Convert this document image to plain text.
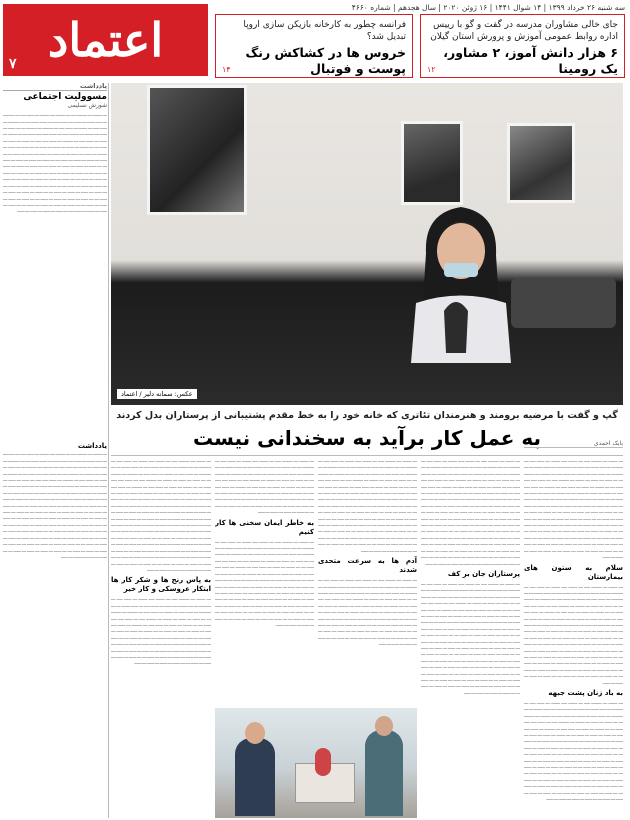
اعتماد
۷
سه شنبه ۲۶ خرداد ۱۳۹۹ | ۱۴ شوال ۱۴۴۱ | ۱۶ ژوئن ۲۰۲۰ | سال هجدهم | شماره ۴۶۶۰
فرانسه چطور به کارخانه بازیکن سازی اروپا تبدیل شد؟
خروس ها در کشاکش رنگ پوست و فوتبال
۱۴
جای خالی مشاوران مدرسه در گفت و گو با رییس اداره روابط عمومی آموزش و پرورش استان گیلان
۶ هزار دانش آموز، ۲ مشاور، یک رومینا
۱۲
یادداشت
مسوولیت اجتماعی
شورش نسلیمی
ـــ ــــــ ـــ ـــــــ ــــ ـــ ــــــ ــــ ــــــ ـــ ـــــ ــــ ـــ ــــــــ ـــ ــــ ــــــ ـــ ـــــ ـــ ــــــ ــــ ـــ ـــــ ــــــ ـــ ـــ ــــــــ ـــ ـــــ ــــ ـــ ــــــ ـــ ـــــ ــــ ـــ ـــــــ ـــ ـــــــ ـــ ـــ ـــــ ـــ ـــــ ـــ ــــــ ـــ ـــــــ ــــ ـــ ـــــ ــــ ــــ ـــــ ـــ ـــ ــــــ ـــ ـــــ ـــ ـــــ ــــ ـــ ـــــــ ـــ ـــــ ــــ ــــ ـــ ـــــ ـــ ـــــ ـــ ـــــ ـــ ـــ ــــــ ـــ ـــــ ـــ ـــــ ـــ ـــــ ـــ ـــ ـــــ ـــ ـــــ ـــ ـــــــ ـــ ـــــ ـــ ـــــ ـــ ـــ ـــــ ـــ ـــــ ـــ ـــــ ـــ ـــــ ـــ ـــ ـــــ ـــ ـــــ ـــ ـــــ ـــ ـــــ ـــ ـــ ـــــ ـــ ـــــ ـــ ـــــ ـــ ـــــ ـــ ـــ ـــــ ـــ ـــــ ـــ ـــــ ـــ ـــــ ـــ ـــ ـــــ ـــ ـــــ ـــ ـــــ ـــ ـــــ ـــ ـــ ـــــ ـــ ـــــ ـــ ـــــ ـــ ـــــ ـــ ـــ ـــــ ـــ ـــــ ـــ ـــــ ـــ ـــــ ـــ ـــ ـــــ ـــ ـــــ ـــ ـــــ ـــ ـــــ ـــ ـــ ـــــ ـــ ـــــ ـــ ـــــ ـــ ـــــ ـــ ـــ ـــــ ـــ ـــــ ـــ ـــــ ـــ ـــــ ـــ ـــ ـــــ ـــ ـــــ ـــ ـــــ ـــ ـــــ ـــ ـــ ـــــ ـــ ـــــ ـــ ـــــ ـــ ـــــ ـــ ـــ ـــــ ـــ ـــــ ـــ ـــــ ـــ ـــــ ـــ ـــ ـــــ ـــ ـــــ ـــ ـــــ ـــ ـــــ ـــ ـــ ـــــ ـــ ـــــ ـــ ـــــ ـــ ـــــ ـــ ـــ ـــــ ـــ ـــــ ـــ ـــــ ـــ ـــــ ـــ ـــ ـــــ ـــ ـــــ ـــ ـــــ ـــ ـــــ
یادداشت
ـــ ــــــ ـــ ـــــــ ــــ ـــ ــــــ ــــ ــــــ ـــ ـــــ ــــ ـــ ــــــــ ـــ ــــ ــــــ ـــ ـــــ ـــ ــــــ ــــ ـــ ـــــ ــــــ ـــ ـــ ــــــــ ـــ ـــــ ــــ ـــ ــــــ ـــ ـــــ ــــ ـــ ـــــــ ـــ ـــــــ ـــ ـــ ـــــ ـــ ـــــ ـــ ــــــ ـــ ـــــــ ــــ ـــ ـــــ ــــ ــــ ـــــ ـــ ـــ ــــــ ـــ ـــــ ـــ ـــــ ــــ ـــ ـــــــ ـــ ـــــ ــــ ــــ ـــ ـــــ ـــ ـــــ ـــ ـــــ ـــ ـــ ــــــ ـــ ـــــ ـــ ـــــ ـــ ـــــ ـــ ـــ ـــــ ـــ ـــــ ـــ ـــــــ ـــ ـــــ ـــ ـــــ ـــ ـــ ـــــ ـــ ـــــ ـــ ـــــ ـــ ـــــ ـــ ـــ ـــــ ـــ ـــــ ـــ ـــــ ـــ ـــــ ـــ ـــ ـــــ ـــ ـــــ ـــ ـــــ ـــ ـــــ ـــ ـــ ـــــ ـــ ـــــ ـــ ـــــ ـــ ـــــ ـــ ـــ ـــــ ـــ ـــــ ـــ ـــــ ـــ ـــــ ـــ ـــ ـــــ ـــ ـــــ ـــ ـــــ ـــ ـــــ ـــ ـــ ـــــ ـــ ـــــ ـــ ـــــ ـــ ـــــ ـــ ـــ ـــــ ـــ ـــــ ـــ ـــــ ـــ ـــــ ـــ ـــ ـــــ ـــ ـــــ ـــ ـــــ ـــ ـــــ ـــ ـــ ـــــ ـــ ـــــ ـــ ـــــ ـــ ـــــ ـــ ـــ ـــــ ـــ ـــــ ـــ ـــــ ـــ ـــــ ـــ ـــ ـــــ ـــ ـــــ ـــ ـــــ ـــ ـــــ ـــ ـــ ـــــ ـــ ـــــ ـــ ـــــ ـــ ـــــ ـــ ـــ ـــــ ـــ ـــــ ـــ ـــــ ـــ ـــــ ـــ ـــ ـــــ ـــ ـــــ ـــ ـــــ ـــ ـــــ ـــ ـــ ـــــ ـــ ـــــ ـــ ـــــ ـــ ـــــ ـــ ـــ ـــــ ـــ ـــــ ـــ ـــــ ـــ ـــــ ـــ ـــ ـــــ ـــ ـــــ ـــ ـــــ ـــ ـــــ
عکس: سمانه دلیر / اعتماد
گپ و گفت با مرضیه برومند و هنرمندان تئاتری که خانه خود را به خط مقدم پشتیبانی از پرستاران بدل کردند
به عمل کار برآید به سخندانی نیست	بابک احمدی
ـــ ــــــ ـــ ـــــــ ــــ ـــ ــــــ ــــ ــــــ ـــ ـــــ ــــ ـــ ــــــــ ـــ ــــ ــــــ ـــ ـــــ ـــ ــــــ ــــ ـــ ـــــ ــــــ ـــ ـــ ــــــــ ـــ ـــــ ــــ ـــ ــــــ ـــ ـــــ ــــ ـــ ـــــــ ـــ ـــــــ ـــ ـــ ـــــ ـــ ـــــ ـــ ــــــ ـــ ـــــــ ــــ ـــ ـــــ ــــ ــــ ـــــ ـــ ـــ ــــــ ـــ ـــــ ـــ ـــــ ــــ ـــ ـــــــ ـــ ـــــ ــــ ــــ ـــ ـــــ ـــ ـــــ ـــ ـــــ ـــ ـــ ــــــ ـــ ـــــ ـــ ـــــ ـــ ـــــ ـــ ـــ ـــــ ـــ ـــــ ـــ ـــــــ ـــ ـــــ ـــ ـــــ ـــ ـــ ـــــ ـــ ـــــ ـــ ـــــ ـــ ـــــ ـــ ـــ ـــــ ـــ ـــــ ـــ ـــــ ـــ ـــــ ـــ ـــ ـــــ ـــ ـــــ ـــ ـــــ ـــ ـــــ ـــ ـــ ـــــ ـــ ـــــ ـــ ـــــ ـــ ـــــ ـــ ـــ ـــــ ـــ ـــــ ـــ ـــــ ـــ ـــــ ـــ ـــ ـــــ ـــ ـــــ ـــ ـــــ ـــ ـــــ ـــ ـــ ـــــ ـــ ـــــ ـــ ـــــ ـــ ـــــ ـــ ـــ ـــــ ـــ ـــــ ـــ ـــــ ـــ ـــــ ـــ ـــ ـــــ ـــ ـــــ ـــ ـــــ ـــ ـــــ ـــ ـــ ـــــ ـــ ـــــ ـــ ـــــ ـــ ـــــ ـــ ـــ ـــــ ـــ ـــــ ـــ ـــــ ـــ ـــــ ـــ ـــ ـــــ ـــ ـــــ ـــ ـــــ ـــ ـــــ ـــ ـــ ـــــ ـــ ـــــ ـــ ـــــ ـــ ـــــ ـــ ـــ ـــــ ـــ ـــــ ـــ ـــــ ـــ ـــــ
سلام به ستون های بیمارستان
ـــ ــــــ ـــ ـــــــ ــــ ـــ ــــــ ــــ ــــــ ـــ ـــــ ــــ ـــ ــــــــ ـــ ــــ ــــــ ـــ ـــــ ـــ ــــــ ــــ ـــ ـــــ ــــــ ـــ ـــ ــــــــ ـــ ـــــ ــــ ـــ ــــــ ـــ ـــــ ــــ ـــ ـــــــ ـــ ـــــــ ـــ ـــ ـــــ ـــ ـــــ ـــ ــــــ ـــ ـــــــ ــــ ـــ ـــــ ــــ ــــ ـــــ ـــ ـــ ــــــ ـــ ـــــ ـــ ـــــ ــــ ـــ ـــــــ ـــ ـــــ ــــ ــــ ـــ ـــــ ـــ ـــــ ـــ ـــــ ـــ ـــ ــــــ ـــ ـــــ ـــ ـــــ ـــ ـــــ ـــ ـــ ـــــ ـــ ـــــ ـــ ـــــــ ـــ ـــــ ـــ ـــــ ـــ ـــ ـــــ ـــ ـــــ ـــ ـــــ ـــ ـــــ ـــ ـــ ـــــ ـــ ـــــ ـــ ـــــ ـــ ـــــ ـــ ـــ ـــــ ـــ ـــــ ـــ ـــــ ـــ ـــــ ـــ ـــ ـــــ ـــ ـــــ ـــ ـــــ ـــ ـــــ ـــ ـــ ـــــ ـــ ـــــ ـــ ـــــ ـــ ـــــ ـــ ـــ ـــــ ـــ ـــــ ـــ ـــــ ـــ ـــــ ـــ ـــ ـــــ ـــ ـــــ ـــ ـــــ ـــ ـــــ ـــ ـــ ـــــ ـــ ـــــ ـــ ـــــ ـــ ـــــ ـــ ـــ ـــــ ـــ ـــــ ـــ ـــــ ـــ ـــــ ـــ ـــ ـــــ ـــ ـــــ ـــ ـــــ ـــ ـــــ ـــ ـــ ـــــ ـــ ـــــ ـــ ـــــ ـــ ـــــ ـــ ـــ ـــــ ـــ ـــــ ـــ ـــــ ـــ ـــــ ـــ ـــ ـــــ ـــ ـــــ ـــ ـــــ ـــ ـــــ ـــ ـــ ـــــ ـــ ـــــ ـــ ـــــ ـــ ـــــ
به باد زنان پشت جبهه
ـــ ــــــ ـــ ـــــــ ــــ ـــ ــــــ ــــ ــــــ ـــ ـــــ ــــ ـــ ــــــــ ـــ ــــ ــــــ ـــ ـــــ ـــ ــــــ ــــ ـــ ـــــ ــــــ ـــ ـــ ــــــــ ـــ ـــــ ــــ ـــ ــــــ ـــ ـــــ ــــ ـــ ـــــــ ـــ ـــــــ ـــ ـــ ـــــ ـــ ـــــ ـــ ــــــ ـــ ـــــــ ــــ ـــ ـــــ ــــ ــــ ـــــ ـــ ـــ ــــــ ـــ ـــــ ـــ ـــــ ــــ ـــ ـــــــ ـــ ـــــ ــــ ــــ ـــ ـــــ ـــ ـــــ ـــ ـــــ ـــ ـــ ــــــ ـــ ـــــ ـــ ـــــ ـــ ـــــ ـــ ـــ ـــــ ـــ ـــــ ـــ ـــــــ ـــ ـــــ ـــ ـــــ ـــ ـــ ـــــ ـــ ـــــ ـــ ـــــ ـــ ـــــ ـــ ـــ ـــــ ـــ ـــــ ـــ ـــــ ـــ ـــــ ـــ ـــ ـــــ ـــ ـــــ ـــ ـــــ ـــ ـــــ ـــ ـــ ـــــ ـــ ـــــ ـــ ـــــ ـــ ـــــ ـــ ـــ ـــــ ـــ ـــــ ـــ ـــــ ـــ ـــــ ـــ ـــ ـــــ ـــ ـــــ ـــ ـــــ ـــ ـــــ ـــ ـــ ـــــ ـــ ـــــ ـــ ـــــ ـــ ـــــ ـــ ـــ ـــــ ـــ ـــــ ـــ ـــــ ـــ ـــــ ـــ ـــ ـــــ ـــ ـــــ ـــ ـــــ ـــ ـــــ ـــ ـــ ـــــ ـــ ـــــ ـــ ـــــ ـــ ـــــ ـــ ـــ ـــــ ـــ ـــــ ـــ ـــــ ـــ ـــــ ـــ ـــ ـــــ ـــ ـــــ ـــ ـــــ ـــ ـــــ ـــ ـــ ـــــ ـــ ـــــ ـــ ـــــ ـــ ـــــ ـــ ـــ ـــــ ـــ ـــــ ـــ ـــــ ـــ ـــــ ـــ ـــ ـــــ ـــ ـــــ ـــ ـــــ ـــ ـــــ
ـــ ــــــ ـــ ـــــــ ــــ ـــ ــــــ ــــ ــــــ ـــ ـــــ ــــ ـــ ــــــــ ـــ ــــ ــــــ ـــ ـــــ ـــ ــــــ ــــ ـــ ـــــ ــــــ ـــ ـــ ــــــــ ـــ ـــــ ــــ ـــ ــــــ ـــ ـــــ ــــ ـــ ـــــــ ـــ ـــــــ ـــ ـــ ـــــ ـــ ـــــ ـــ ــــــ ـــ ـــــــ ــــ ـــ ـــــ ــــ ــــ ـــــ ـــ ـــ ــــــ ـــ ـــــ ـــ ـــــ ــــ ـــ ـــــــ ـــ ـــــ ــــ ــــ ـــ ـــــ ـــ ـــــ ـــ ـــــ ـــ ـــ ــــــ ـــ ـــــ ـــ ـــــ ـــ ـــــ ـــ ـــ ـــــ ـــ ـــــ ـــ ـــــــ ـــ ـــــ ـــ ـــــ ـــ ـــ ـــــ ـــ ـــــ ـــ ـــــ ـــ ـــــ ـــ ـــ ـــــ ـــ ـــــ ـــ ـــــ ـــ ـــــ ـــ ـــ ـــــ ـــ ـــــ ـــ ـــــ ـــ ـــــ ـــ ـــ ـــــ ـــ ـــــ ـــ ـــــ ـــ ـــــ ـــ ـــ ـــــ ـــ ـــــ ـــ ـــــ ـــ ـــــ ـــ ـــ ـــــ ـــ ـــــ ـــ ـــــ ـــ ـــــ ـــ ـــ ـــــ ـــ ـــــ ـــ ـــــ ـــ ـــــ ـــ ـــ ـــــ ـــ ـــــ ـــ ـــــ ـــ ـــــ ـــ ـــ ـــــ ـــ ـــــ ـــ ـــــ ـــ ـــــ ـــ ـــ ـــــ ـــ ـــــ ـــ ـــــ ـــ ـــــ ـــ ـــ ـــــ ـــ ـــــ ـــ ـــــ ـــ ـــــ ـــ ـــ ـــــ ـــ ـــــ ـــ ـــــ ـــ ـــــ ـــ ـــ ـــــ ـــ ـــــ ـــ ـــــ ـــ ـــــ ـــ ـــ ـــــ ـــ ـــــ ـــ ـــــ ـــ ـــــ ـــ ـــ ـــــ ـــ ـــــ ـــ ـــــ ـــ ـــــ ـــ ـــ ـــــ ـــ ـــــ ـــ ـــــ ـــ ـــــ ـــ ـــ ـــــ ـــ ـــــ ـــ ـــــ ـــ ـــــ
پرستاران جان بر کف
ـــ ــــــ ـــ ـــــــ ــــ ـــ ــــــ ــــ ــــــ ـــ ـــــ ــــ ـــ ــــــــ ـــ ــــ ــــــ ـــ ـــــ ـــ ــــــ ــــ ـــ ـــــ ــــــ ـــ ـــ ــــــــ ـــ ـــــ ــــ ـــ ــــــ ـــ ـــــ ــــ ـــ ـــــــ ـــ ـــــــ ـــ ـــ ـــــ ـــ ـــــ ـــ ــــــ ـــ ـــــــ ــــ ـــ ـــــ ــــ ــــ ـــــ ـــ ـــ ــــــ ـــ ـــــ ـــ ـــــ ــــ ـــ ـــــــ ـــ ـــــ ــــ ــــ ـــ ـــــ ـــ ـــــ ـــ ـــــ ـــ ـــ ــــــ ـــ ـــــ ـــ ـــــ ـــ ـــــ ـــ ـــ ـــــ ـــ ـــــ ـــ ـــــــ ـــ ـــــ ـــ ـــــ ـــ ـــ ـــــ ـــ ـــــ ـــ ـــــ ـــ ـــــ ـــ ـــ ـــــ ـــ ـــــ ـــ ـــــ ـــ ـــــ ـــ ـــ ـــــ ـــ ـــــ ـــ ـــــ ـــ ـــــ ـــ ـــ ـــــ ـــ ـــــ ـــ ـــــ ـــ ـــــ ـــ ـــ ـــــ ـــ ـــــ ـــ ـــــ ـــ ـــــ ـــ ـــ ـــــ ـــ ـــــ ـــ ـــــ ـــ ـــــ ـــ ـــ ـــــ ـــ ـــــ ـــ ـــــ ـــ ـــــ ـــ ـــ ـــــ ـــ ـــــ ـــ ـــــ ـــ ـــــ ـــ ـــ ـــــ ـــ ـــــ ـــ ـــــ ـــ ـــــ ـــ ـــ ـــــ ـــ ـــــ ـــ ـــــ ـــ ـــــ ـــ ـــ ـــــ ـــ ـــــ ـــ ـــــ ـــ ـــــ ـــ ـــ ـــــ ـــ ـــــ ـــ ـــــ ـــ ـــــ ـــ ـــ ـــــ ـــ ـــــ ـــ ـــــ ـــ ـــــ ـــ ـــ ـــــ ـــ ـــــ ـــ ـــــ ـــ ـــــ ـــ ـــ ـــــ ـــ ـــــ ـــ ـــــ ـــ ـــــ ـــ ـــ ـــــ ـــ ـــــ ـــ ـــــ ـــ ـــــ ـــ ـــ ـــــ ـــ ـــــ ـــ ـــــ ـــ ـــــ ـــ ـــ ـــــ ـــ ـــــ ـــ ـــــ ـــ ـــــ
ـــ ــــــ ـــ ـــــــ ــــ ـــ ــــــ ــــ ــــــ ـــ ـــــ ــــ ـــ ــــــــ ـــ ــــ ــــــ ـــ ـــــ ـــ ــــــ ــــ ـــ ـــــ ــــــ ـــ ـــ ــــــــ ـــ ـــــ ــــ ـــ ــــــ ـــ ـــــ ــــ ـــ ـــــــ ـــ ـــــــ ـــ ـــ ـــــ ـــ ـــــ ـــ ــــــ ـــ ـــــــ ــــ ـــ ـــــ ــــ ــــ ـــــ ـــ ـــ ــــــ ـــ ـــــ ـــ ـــــ ــــ ـــ ـــــــ ـــ ـــــ ــــ ــــ ـــ ـــــ ـــ ـــــ ـــ ـــــ ـــ ـــ ــــــ ـــ ـــــ ـــ ـــــ ـــ ـــــ ـــ ـــ ـــــ ـــ ـــــ ـــ ـــــــ ـــ ـــــ ـــ ـــــ ـــ ـــ ـــــ ـــ ـــــ ـــ ـــــ ـــ ـــــ ـــ ـــ ـــــ ـــ ـــــ ـــ ـــــ ـــ ـــــ ـــ ـــ ـــــ ـــ ـــــ ـــ ـــــ ـــ ـــــ ـــ ـــ ـــــ ـــ ـــــ ـــ ـــــ ـــ ـــــ ـــ ـــ ـــــ ـــ ـــــ ـــ ـــــ ـــ ـــــ ـــ ـــ ـــــ ـــ ـــــ ـــ ـــــ ـــ ـــــ ـــ ـــ ـــــ ـــ ـــــ ـــ ـــــ ـــ ـــــ ـــ ـــ ـــــ ـــ ـــــ ـــ ـــــ ـــ ـــــ ـــ ـــ ـــــ ـــ ـــــ ـــ ـــــ ـــ ـــــ ـــ ـــ ـــــ ـــ ـــــ ـــ ـــــ ـــ ـــــ ـــ ـــ ـــــ ـــ ـــــ ـــ ـــــ ـــ ـــــ ـــ ـــ ـــــ ـــ ـــــ ـــ ـــــ ـــ ـــــ ـــ ـــ ـــــ ـــ ـــــ ـــ ـــــ ـــ ـــــ
آدم ها به سرعت متحدی شدند
ـــ ــــــ ـــ ـــــــ ــــ ـــ ــــــ ــــ ــــــ ـــ ـــــ ــــ ـــ ــــــــ ـــ ــــ ــــــ ـــ ـــــ ـــ ــــــ ــــ ـــ ـــــ ــــــ ـــ ـــ ــــــــ ـــ ـــــ ــــ ـــ ــــــ ـــ ـــــ ــــ ـــ ـــــــ ـــ ـــــــ ـــ ـــ ـــــ ـــ ـــــ ـــ ــــــ ـــ ـــــــ ــــ ـــ ـــــ ــــ ــــ ـــــ ـــ ـــ ــــــ ـــ ـــــ ـــ ـــــ ــــ ـــ ـــــــ ـــ ـــــ ــــ ــــ ـــ ـــــ ـــ ـــــ ـــ ـــــ ـــ ـــ ــــــ ـــ ـــــ ـــ ـــــ ـــ ـــــ ـــ ـــ ـــــ ـــ ـــــ ـــ ـــــــ ـــ ـــــ ـــ ـــــ ـــ ـــ ـــــ ـــ ـــــ ـــ ـــــ ـــ ـــــ ـــ ـــ ـــــ ـــ ـــــ ـــ ـــــ ـــ ـــــ ـــ ـــ ـــــ ـــ ـــــ ـــ ـــــ ـــ ـــــ ـــ ـــ ـــــ ـــ ـــــ ـــ ـــــ ـــ ـــــ ـــ ـــ ـــــ ـــ ـــــ ـــ ـــــ ـــ ـــــ ـــ ـــ ـــــ ـــ ـــــ ـــ ـــــ ـــ ـــــ
ـــ ــــــ ـــ ـــــــ ــــ ـــ ــــــ ــــ ــــــ ـــ ـــــ ــــ ـــ ــــــــ ـــ ــــ ــــــ ـــ ـــــ ـــ ــــــ ــــ ـــ ـــــ ــــــ ـــ ـــ ــــــــ ـــ ـــــ ــــ ـــ ــــــ ـــ ـــــ ــــ ـــ ـــــــ ـــ ـــــــ ـــ ـــ ـــــ ـــ ـــــ ـــ ــــــ ـــ ـــــــ ــــ ـــ ـــــ ــــ ــــ ـــــ ـــ ـــ ــــــ ـــ ـــــ ـــ ـــــ ــــ ـــ ـــــــ ـــ ـــــ ــــ ــــ ـــ ـــــ ـــ ـــــ ـــ ـــــ ـــ ـــ ــــــ ـــ ـــــ ـــ ـــــ ـــ ـــــ ـــ ـــ ـــــ ـــ ـــــ ـــ ـــــــ ـــ ـــــ ـــ ـــــ ـــ ـــ ـــــ ـــ ـــــ ـــ ـــــ ـــ ـــــ ـــ ـــ ـــــ ـــ ـــــ ـــ ـــــ ـــ ـــــ ـــ ـــ ـــــ ـــ ـــــ ـــ ـــــ ـــ ـــــ
به خاطر ایمان سخنی ها کار کنیم
ـــ ــــــ ـــ ـــــــ ــــ ـــ ــــــ ــــ ــــــ ـــ ـــــ ــــ ـــ ــــــــ ـــ ــــ ــــــ ـــ ـــــ ـــ ــــــ ــــ ـــ ـــــ ــــــ ـــ ـــ ــــــــ ـــ ـــــ ــــ ـــ ــــــ ـــ ـــــ ــــ ـــ ـــــــ ـــ ـــــــ ـــ ـــ ـــــ ـــ ـــــ ـــ ــــــ ـــ ـــــــ ــــ ـــ ـــــ ــــ ــــ ـــــ ـــ ـــ ــــــ ـــ ـــــ ـــ ـــــ ــــ ـــ ـــــــ ـــ ـــــ ــــ ــــ ـــ ـــــ ـــ ـــــ ـــ ـــــ ـــ ـــ ــــــ ـــ ـــــ ـــ ـــــ ـــ ـــــ ـــ ـــ ـــــ ـــ ـــــ ـــ ـــــــ ـــ ـــــ ـــ ـــــ ـــ ـــ ـــــ ـــ ـــــ ـــ ـــــ ـــ ـــــ ـــ ـــ ـــــ ـــ ـــــ ـــ ـــــ ـــ ـــــ ـــ ـــ ـــــ ـــ ـــــ ـــ ـــــ ـــ ـــــ ـــ ـــ ـــــ ـــ ـــــ ـــ ـــــ ـــ ـــــ ـــ ـــ ـــــ ـــ ـــــ ـــ ـــــ ـــ ـــــ ـــ ـــ ـــــ ـــ ـــــ ـــ ـــــ ـــ ـــــ ـــ ـــ ـــــ ـــ ـــــ ـــ ـــــ ـــ ـــــ ـــ ـــ ـــــ ـــ ـــــ ـــ ـــــ ـــ ـــــ ـــ ـــ ـــــ ـــ ـــــ ـــ ـــــ ـــ ـــــ ـــ ـــ ـــــ ـــ ـــــ ـــ ـــــ ـــ ـــــ ـــ ـــ ـــــ ـــ ـــــ ـــ ـــــ ـــ ـــــ
ـــ ــــــ ـــ ـــــــ ــــ ـــ ــــــ ــــ ــــــ ـــ ـــــ ــــ ـــ ــــــــ ـــ ــــ ــــــ ـــ ـــــ ـــ ــــــ ــــ ـــ ـــــ ــــــ ـــ ـــ ــــــــ ـــ ـــــ ــــ ـــ ــــــ ـــ ـــــ ــــ ـــ ـــــــ ـــ ـــــــ ـــ ـــ ـــــ ـــ ـــــ ـــ ــــــ ـــ ـــــــ ــــ ـــ ـــــ ــــ ــــ ـــــ ـــ ـــ ــــــ ـــ ـــــ ـــ ـــــ ــــ ـــ ـــــــ ـــ ـــــ ــــ ــــ ـــ ـــــ ـــ ـــــ ـــ ـــــ ـــ ـــ ــــــ ـــ ـــــ ـــ ـــــ ـــ ـــــ ـــ ـــ ـــــ ـــ ـــــ ـــ ـــــــ ـــ ـــــ ـــ ـــــ ـــ ـــ ـــــ ـــ ـــــ ـــ ـــــ ـــ ـــــ ـــ ـــ ـــــ ـــ ـــــ ـــ ـــــ ـــ ـــــ ـــ ـــ ـــــ ـــ ـــــ ـــ ـــــ ـــ ـــــ ـــ ـــ ـــــ ـــ ـــــ ـــ ـــــ ـــ ـــــ ـــ ـــ ـــــ ـــ ـــــ ـــ ـــــ ـــ ـــــ ـــ ـــ ـــــ ـــ ـــــ ـــ ـــــ ـــ ـــــ ـــ ـــ ـــــ ـــ ـــــ ـــ ـــــ ـــ ـــــ ـــ ـــ ـــــ ـــ ـــــ ـــ ـــــ ـــ ـــــ ـــ ـــ ـــــ ـــ ـــــ ـــ ـــــ ـــ ـــــ ـــ ـــ ـــــ ـــ ـــــ ـــ ـــــ ـــ ـــــ ـــ ـــ ـــــ ـــ ـــــ ـــ ـــــ ـــ ـــــ ـــ ـــ ـــــ ـــ ـــــ ـــ ـــــ ـــ ـــــ ـــ ـــ ـــــ ـــ ـــــ ـــ ـــــ ـــ ـــــ ـــ ـــ ـــــ ـــ ـــــ ـــ ـــــ ـــ ـــــ ـــ ـــ ـــــ ـــ ـــــ ـــ ـــــ ـــ ـــــ ـــ ـــ ـــــ ـــ ـــــ ـــ ـــــ ـــ ـــــ ـــ ـــ ـــــ ـــ ـــــ ـــ ـــــ ـــ ـــــ ـــ ـــ ـــــ ـــ ـــــ ـــ ـــــ ـــ ـــــ ـــ ـــ ـــــ ـــ ـــــ ـــ ـــــ ـــ ـــــ
به پاس رنج ها و شکر کار ها ابتکار عروسکی و کار خیر
ـــ ــــــ ـــ ـــــــ ــــ ـــ ــــــ ــــ ــــــ ـــ ـــــ ــــ ـــ ــــــــ ـــ ــــ ــــــ ـــ ـــــ ـــ ــــــ ــــ ـــ ـــــ ــــــ ـــ ـــ ــــــــ ـــ ـــــ ــــ ـــ ــــــ ـــ ـــــ ــــ ـــ ـــــــ ـــ ـــــــ ـــ ـــ ـــــ ـــ ـــــ ـــ ــــــ ـــ ـــــــ ــــ ـــ ـــــ ــــ ــــ ـــــ ـــ ـــ ــــــ ـــ ـــــ ـــ ـــــ ــــ ـــ ـــــــ ـــ ـــــ ــــ ــــ ـــ ـــــ ـــ ـــــ ـــ ـــــ ـــ ـــ ــــــ ـــ ـــــ ـــ ـــــ ـــ ـــــ ـــ ـــ ـــــ ـــ ـــــ ـــ ـــــــ ـــ ـــــ ـــ ـــــ ـــ ـــ ـــــ ـــ ـــــ ـــ ـــــ ـــ ـــــ ـــ ـــ ـــــ ـــ ـــــ ـــ ـــــ ـــ ـــــ ـــ ـــ ـــــ ـــ ـــــ ـــ ـــــ ـــ ـــــ ـــ ـــ ـــــ ـــ ـــــ ـــ ـــــ ـــ ـــــ ـــ ـــ ـــــ ـــ ـــــ ـــ ـــــ ـــ ـــــ ـــ ـــ ـــــ ـــ ـــــ ـــ ـــــ ـــ ـــــ ـــ ـــ ـــــ ـــ ـــــ ـــ ـــــ ـــ ـــــ
